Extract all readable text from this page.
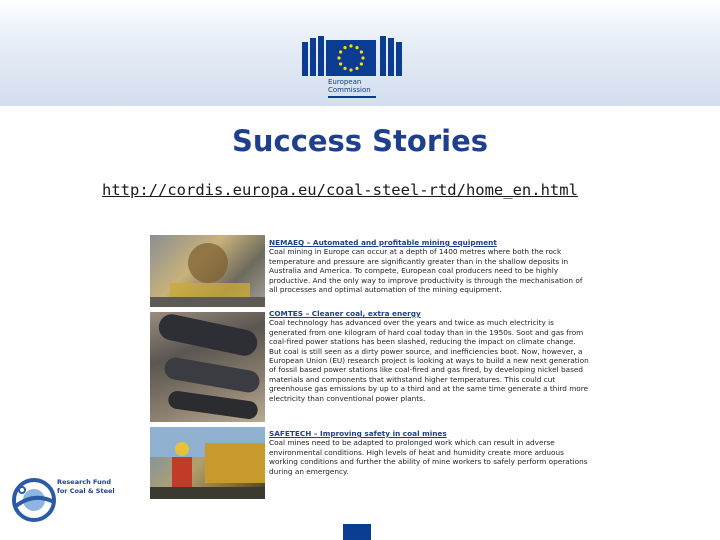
European
Commission
Success Stories
http://cordis.europa.eu/coal-steel-rtd/home_en.html
NEMAEQ – Automated and profitable mining equipment
Coal mining in Europe can occur at a depth of 1400 metres where both the rock temperature and pressure are significantly greater than in the shallow deposits in Australia and America. To compete, European coal producers need to be highly productive. And the only way to improve productivity is through the mechanisation of all processes and optimal automation of the mining equipment.
COMTES – Cleaner coal, extra energy
Coal technology has advanced over the years and twice as much electricity is generated from one kilogram of hard coal today than in the 1950s. Soot and gas from coal-fired power stations has been slashed, reducing the impact on climate change. But coal is still seen as a dirty power source, and inefficiencies boot. Now, however, a European Union (EU) research project is looking at ways to build a new next generation of fossil based power stations like coal-fired and gas fired, by developing nickel based materials and components that withstand higher temperatures. This could cut greenhouse gas emissions by up to a third and at the same time generate a third more electricity than conventional power plants.
SAFETECH – Improving safety in coal mines
Coal mines need to be adapted to prolonged work which can result in adverse environmental conditions. High levels of heat and humidity create more arduous working conditions and further the ability of mine workers to safely perform operations during an emergency.
Research Fund
for Coal & Steel
